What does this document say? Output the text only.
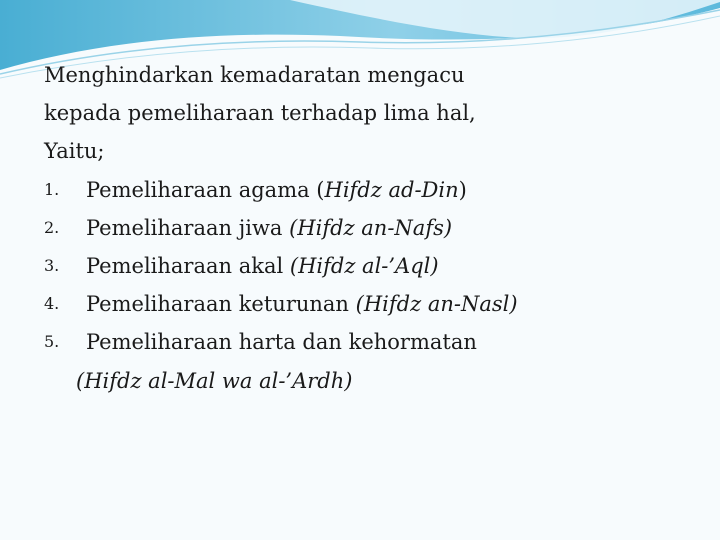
Menghindarkan kemadaratan mengacu
kepada pemeliharaan terhadap lima hal,
Yaitu;
1.	Pemeliharaan agama (Hifdz ad-Din)
2.	Pemeliharaan jiwa (Hifdz an-Nafs)
3.	Pemeliharaan akal (Hifdz al-’Aql)
4.	Pemeliharaan keturunan (Hifdz an-Nasl)
5.	Pemeliharaan harta dan kehormatan
(Hifdz al-Mal wa al-’Ardh)
